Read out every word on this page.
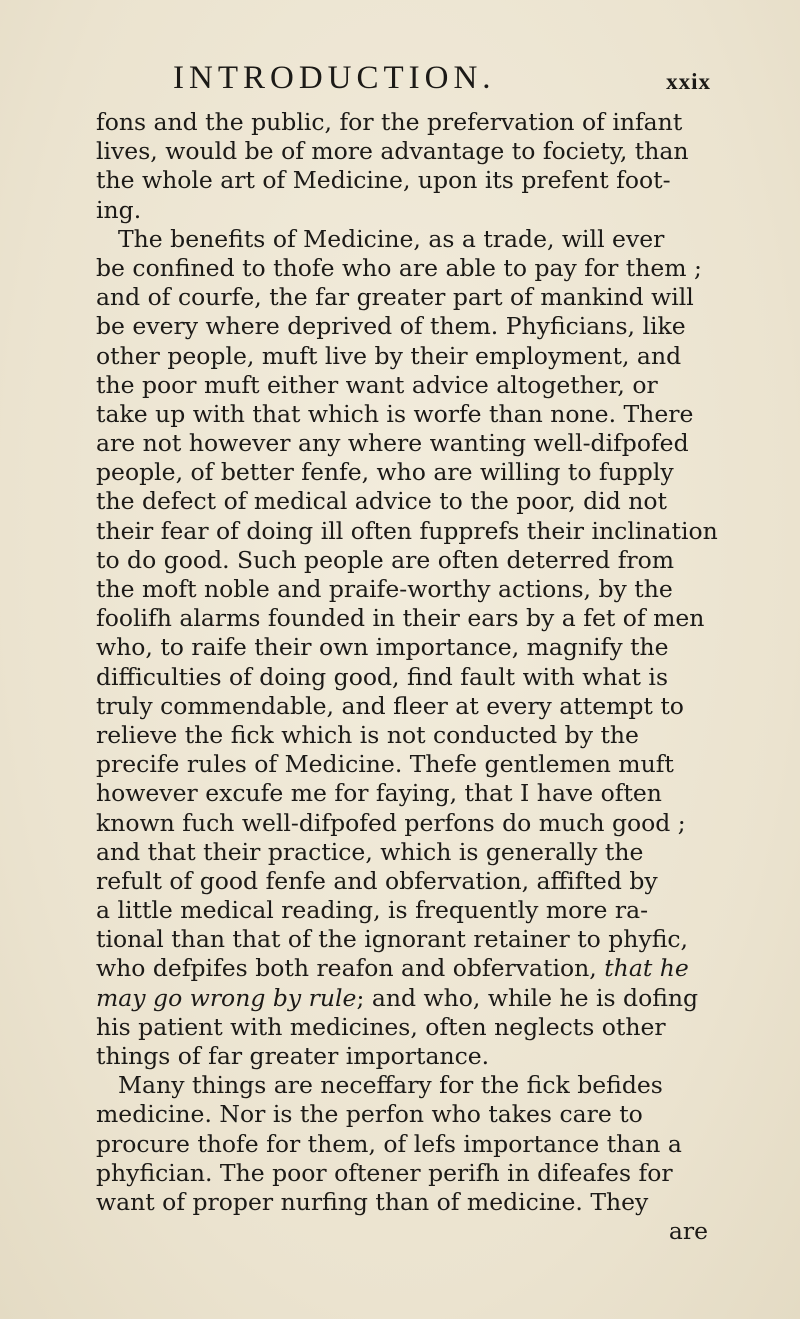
INTRODUCTION.	xxix
fons and the public, for the prefervation of infant
lives, would be of more advantage to fociety, than
the whole art of Medicine, upon its prefent foot-
ing.
The benefits of Medicine, as a trade, will ever
be confined to thofe who are able to pay for them ;
and of courfe, the far greater part of mankind will
be every where deprived of them. Phyficians, like
other people, muft live by their employment, and
the poor muft either want advice altogether, or
take up with that which is worfe than none. There
are not however any where wanting well-difpofed
people, of better fenfe, who are willing to fupply
the defect of medical advice to the poor, did not
their fear of doing ill often fupprefs their inclination
to do good. Such people are often deterred from
the moft noble and praife-worthy actions, by the
foolifh alarms founded in their ears by a fet of men
who, to raife their own importance, magnify the
difficulties of doing good, find fault with what is
truly commendable, and fleer at every attempt to
relieve the fick which is not conducted by the
precife rules of Medicine. Thefe gentlemen muft
however excufe me for faying, that I have often
known fuch well-difpofed perfons do much good ;
and that their practice, which is generally the
refult of good fenfe and obfervation, affifted by
a little medical reading, is frequently more ra-
tional than that of the ignorant retainer to phyfic,
who defpifes both reafon and obfervation, that he
may go wrong by rule; and who, while he is dofing
his patient with medicines, often neglects other
things of far greater importance.
Many things are neceffary for the fick befides
medicine. Nor is the perfon who takes care to
procure thofe for them, of lefs importance than a
phyfician. The poor oftener perifh in difeafes for
want of proper nurfing than of medicine. They
are
